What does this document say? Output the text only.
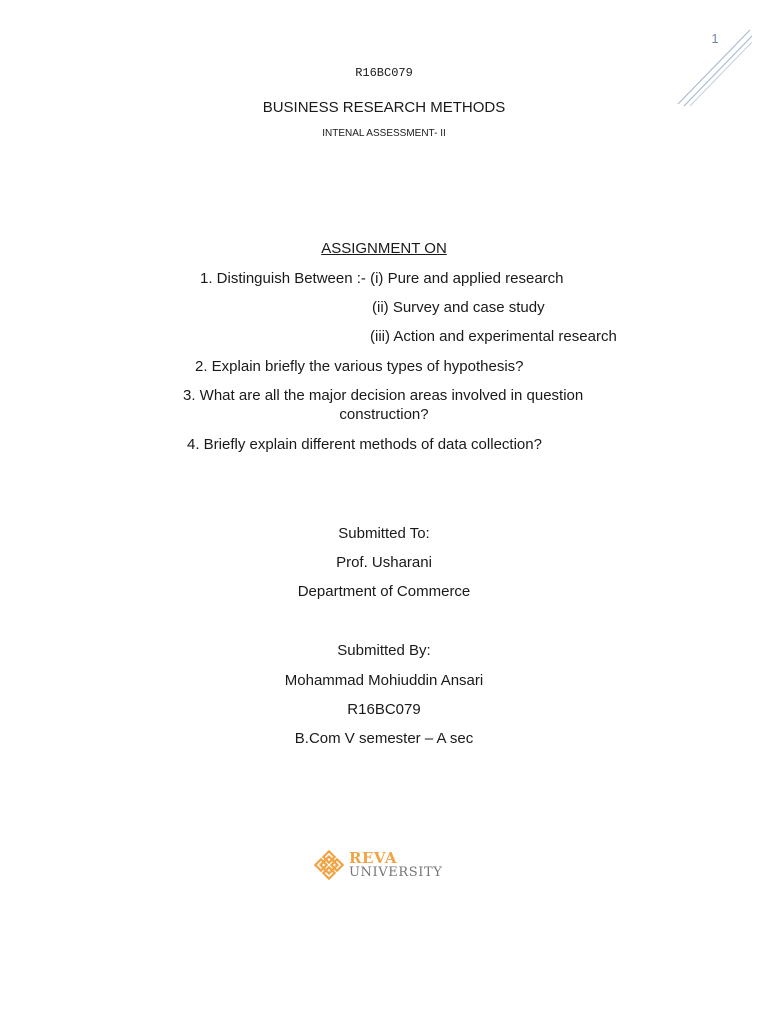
1
R16BC079
BUSINESS RESEARCH METHODS
INTENAL ASSESSMENT- II
ASSIGNMENT ON
1. Distinguish Between :- (i) Pure and applied research
(ii) Survey and case study
(iii) Action and experimental research
2. Explain briefly the various types of hypothesis?
3. What are all the major decision areas involved in question
construction?
4. Briefly explain different methods of data collection?
Submitted To:
Prof. Usharani
Department of Commerce
Submitted By:
Mohammad Mohiuddin Ansari
R16BC079
B.Com V semester – A sec
REVA
UNIVERSITY
